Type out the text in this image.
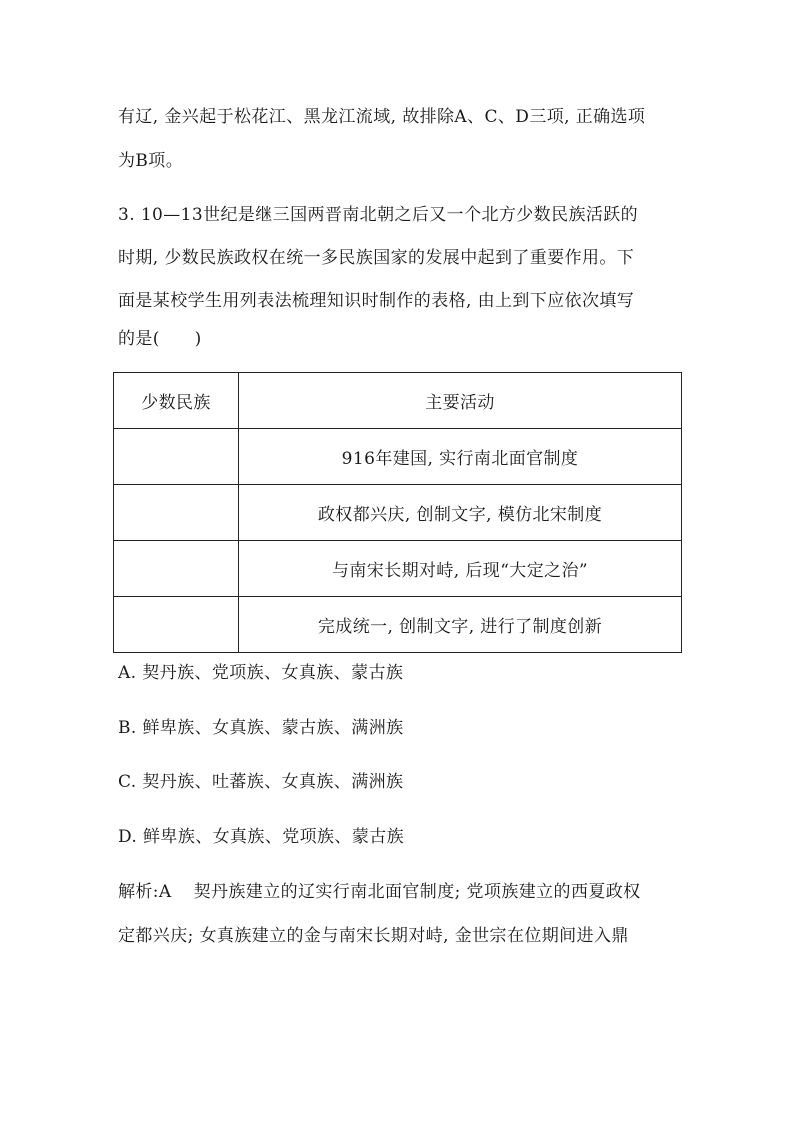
有辽, 金兴起于松花江、黑龙江流域, 故排除A、C、D三项, 正确选项
为B项。
3. 10—13世纪是继三国两晋南北朝之后又一个北方少数民族活跃的
时期, 少数民族政权在统一多民族国家的发展中起到了重要作用。下
面是某校学生用列表法梳理知识时制作的表格, 由上到下应依次填写
的是(　　)
少数民族	主要活动
	916年建国, 实行南北面官制度
	政权都兴庆, 创制文字, 模仿北宋制度
	与南宋长期对峙, 后现“大定之治”
	完成统一, 创制文字, 进行了制度创新
A. 契丹族、党项族、女真族、蒙古族
B. 鲜卑族、女真族、蒙古族、满洲族
C. 契丹族、吐蕃族、女真族、满洲族
D. 鲜卑族、女真族、党项族、蒙古族
解析:A 契丹族建立的辽实行南北面官制度; 党项族建立的西夏政权
定都兴庆; 女真族建立的金与南宋长期对峙, 金世宗在位期间进入鼎
